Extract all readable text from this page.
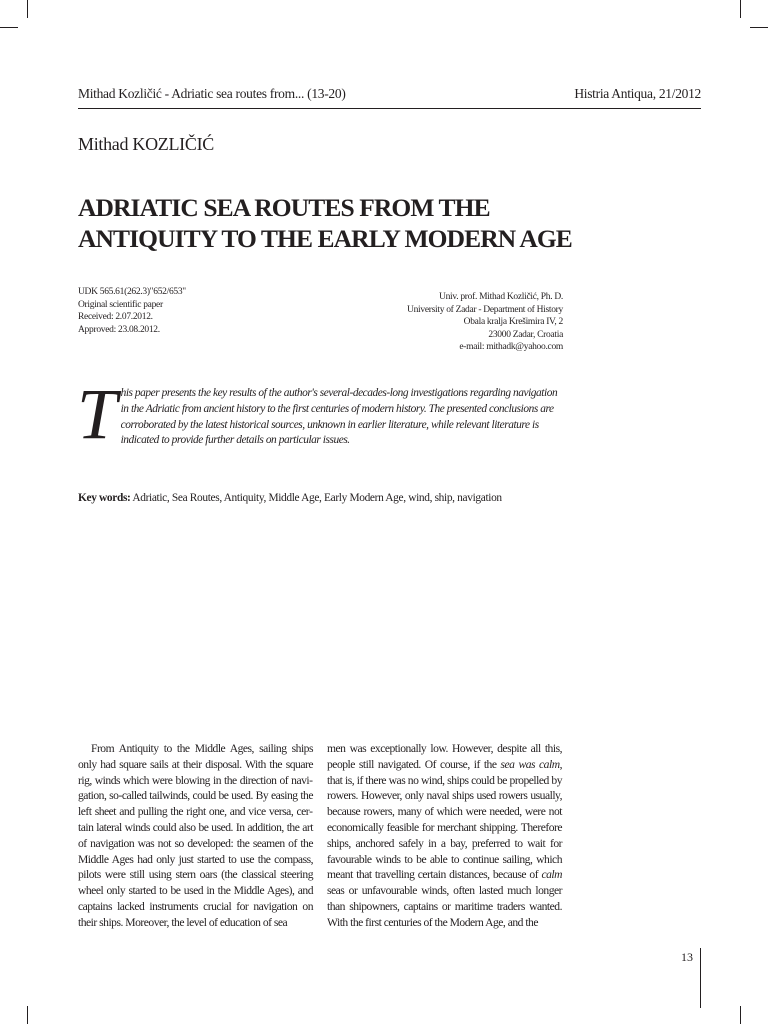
Mithad Kozličić - Adriatic sea routes from... (13-20)	Histria Antiqua, 21/2012
Mithad KOZLIČIĆ
ADRIATIC SEA ROUTES FROM THE
ANTIQUITY TO THE EARLY MODERN AGE
UDK 565.61(262.3)"652/653"
Original scientific paper
Received: 2.07.2012.
Approved: 23.08.2012.
Univ. prof. Mithad Kozličić, Ph. D.
University of Zadar - Department of History
Obala kralja Krešimira IV, 2
23000 Zadar, Croatia
e-mail: mithadk@yahoo.com
This paper presents the key results of the author's several-decades-long investigations regarding navigation in the Adriatic from ancient history to the first centuries of modern history. The presented conclusions are corroborated by the latest historical sources, unknown in earlier literature, while relevant literature is indicated to provide further details on particular issues.
Key words: Adriatic, Sea Routes, Antiquity, Middle Age, Early Modern Age, wind, ship, navigation
From Antiquity to the Middle Ages, sailing ships only had square sails at their disposal. With the square rig, winds which were blowing in the direction of navigation, so-called tailwinds, could be used. By easing the left sheet and pulling the right one, and vice versa, certain lateral winds could also be used. In addition, the art of navigation was not so developed: the seamen of the Middle Ages had only just started to use the compass, pilots were still using stern oars (the classical steering wheel only started to be used in the Middle Ages), and captains lacked instruments crucial for navigation on their ships. Moreover, the level of education of sea
men was exceptionally low. However, despite all this, people still navigated. Of course, if the sea was calm, that is, if there was no wind, ships could be propelled by rowers. However, only naval ships used rowers usually, because rowers, many of which were needed, were not economically feasible for merchant shipping. Therefore ships, anchored safely in a bay, preferred to wait for favourable winds to be able to continue sailing, which meant that travelling certain distances, because of calm seas or unfavourable winds, often lasted much longer than shipowners, captains or maritime traders wanted. With the first centuries of the Modern Age, and the
13
